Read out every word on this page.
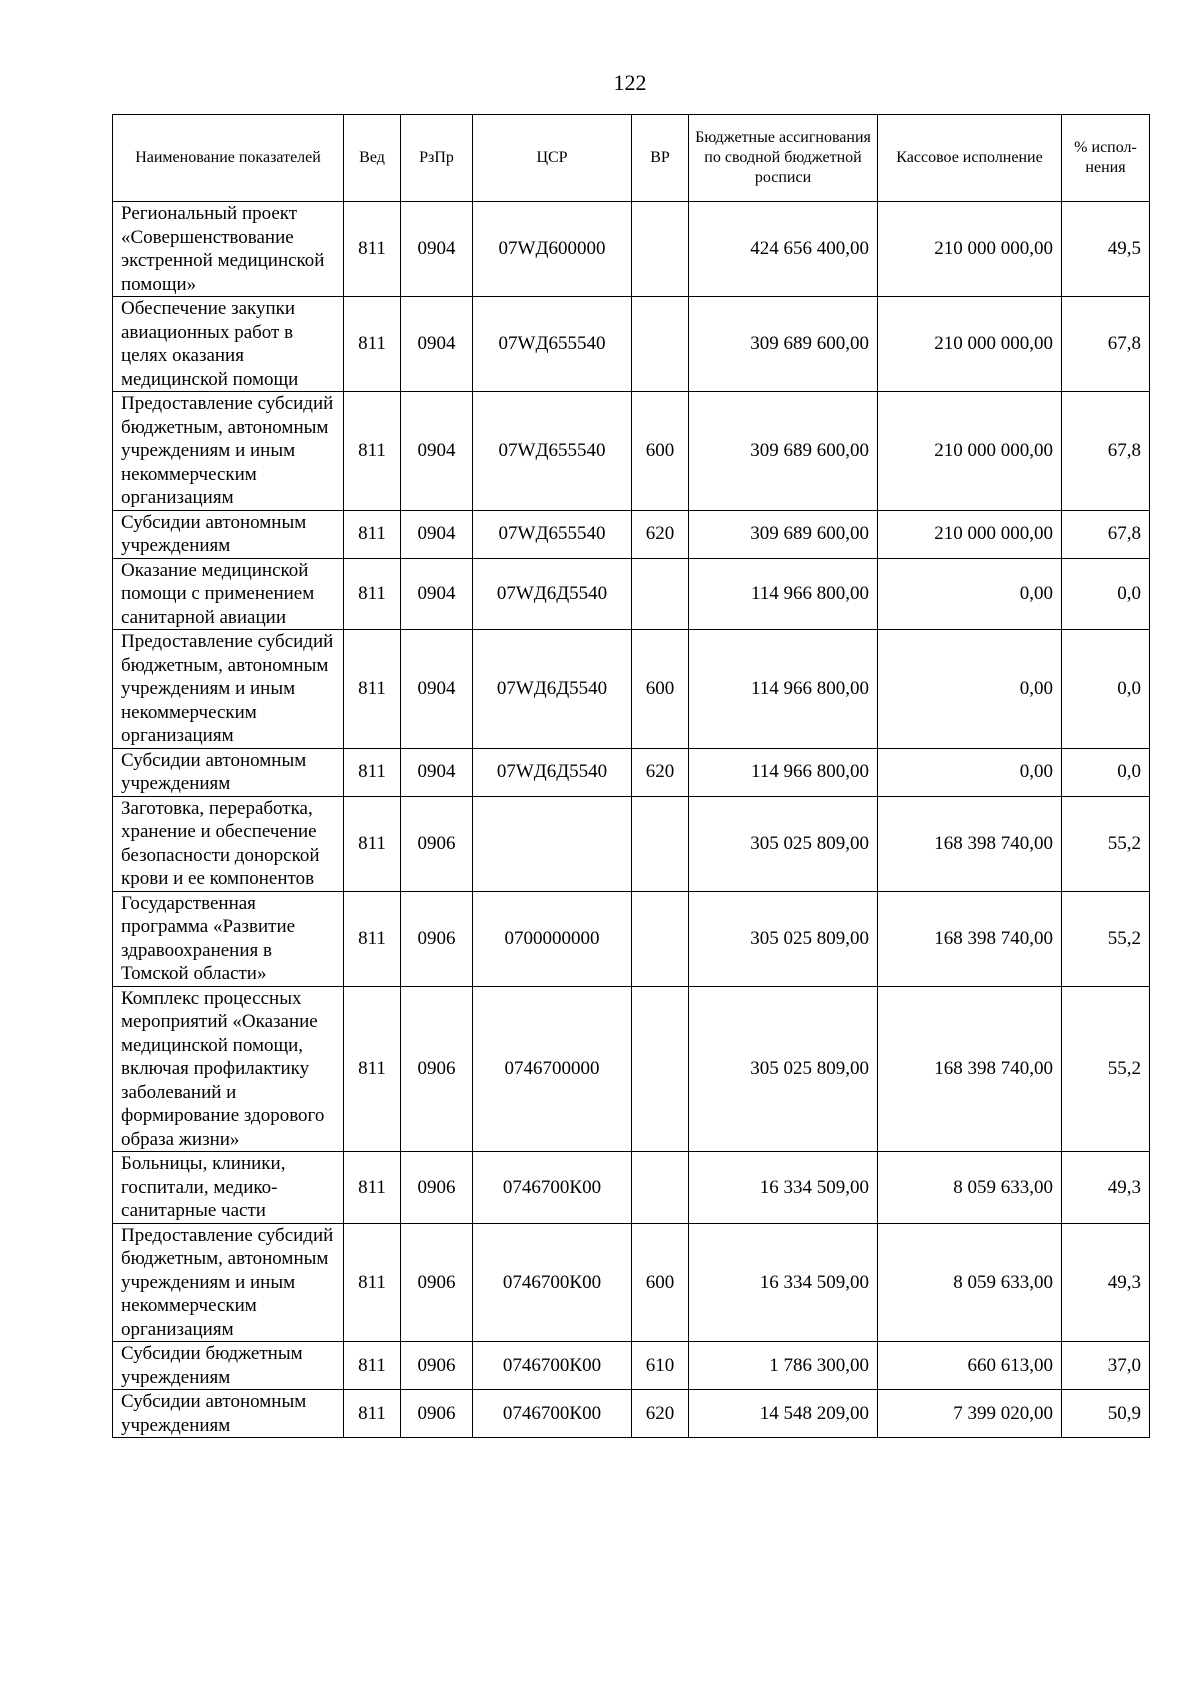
122
Наименование показателей	Вед	РзПр	ЦСР	ВР	Бюджетные ассигнования по сводной бюджетной росписи	Кассовое исполнение	% испол-нения
Региональный проект «Совершенствование экстренной медицинской помощи»	811	0904	07WД600000		424 656 400,00	210 000 000,00	49,5
Обеспечение закупки авиационных работ в целях оказания медицинской помощи	811	0904	07WД655540		309 689 600,00	210 000 000,00	67,8
Предоставление субсидий бюджетным, автономным учреждениям и иным некоммерческим организациям	811	0904	07WД655540	600	309 689 600,00	210 000 000,00	67,8
Субсидии автономным учреждениям	811	0904	07WД655540	620	309 689 600,00	210 000 000,00	67,8
Оказание медицинской помощи с применением санитарной авиации	811	0904	07WД6Д5540		114 966 800,00	0,00	0,0
Предоставление субсидий бюджетным, автономным учреждениям и иным некоммерческим организациям	811	0904	07WД6Д5540	600	114 966 800,00	0,00	0,0
Субсидии автономным учреждениям	811	0904	07WД6Д5540	620	114 966 800,00	0,00	0,0
Заготовка, переработка, хранение и обеспечение безопасности донорской крови и ее компонентов	811	0906			305 025 809,00	168 398 740,00	55,2
Государственная программа «Развитие здравоохранения в Томской области»	811	0906	0700000000		305 025 809,00	168 398 740,00	55,2
Комплекс процессных мероприятий «Оказание медицинской помощи, включая профилактику заболеваний и формирование здорового образа жизни»	811	0906	0746700000		305 025 809,00	168 398 740,00	55,2
Больницы, клиники, госпитали, медико-санитарные части	811	0906	0746700К00		16 334 509,00	8 059 633,00	49,3
Предоставление субсидий бюджетным, автономным учреждениям и иным некоммерческим организациям	811	0906	0746700К00	600	16 334 509,00	8 059 633,00	49,3
Субсидии бюджетным учреждениям	811	0906	0746700К00	610	1 786 300,00	660 613,00	37,0
Субсидии автономным учреждениям	811	0906	0746700К00	620	14 548 209,00	7 399 020,00	50,9
